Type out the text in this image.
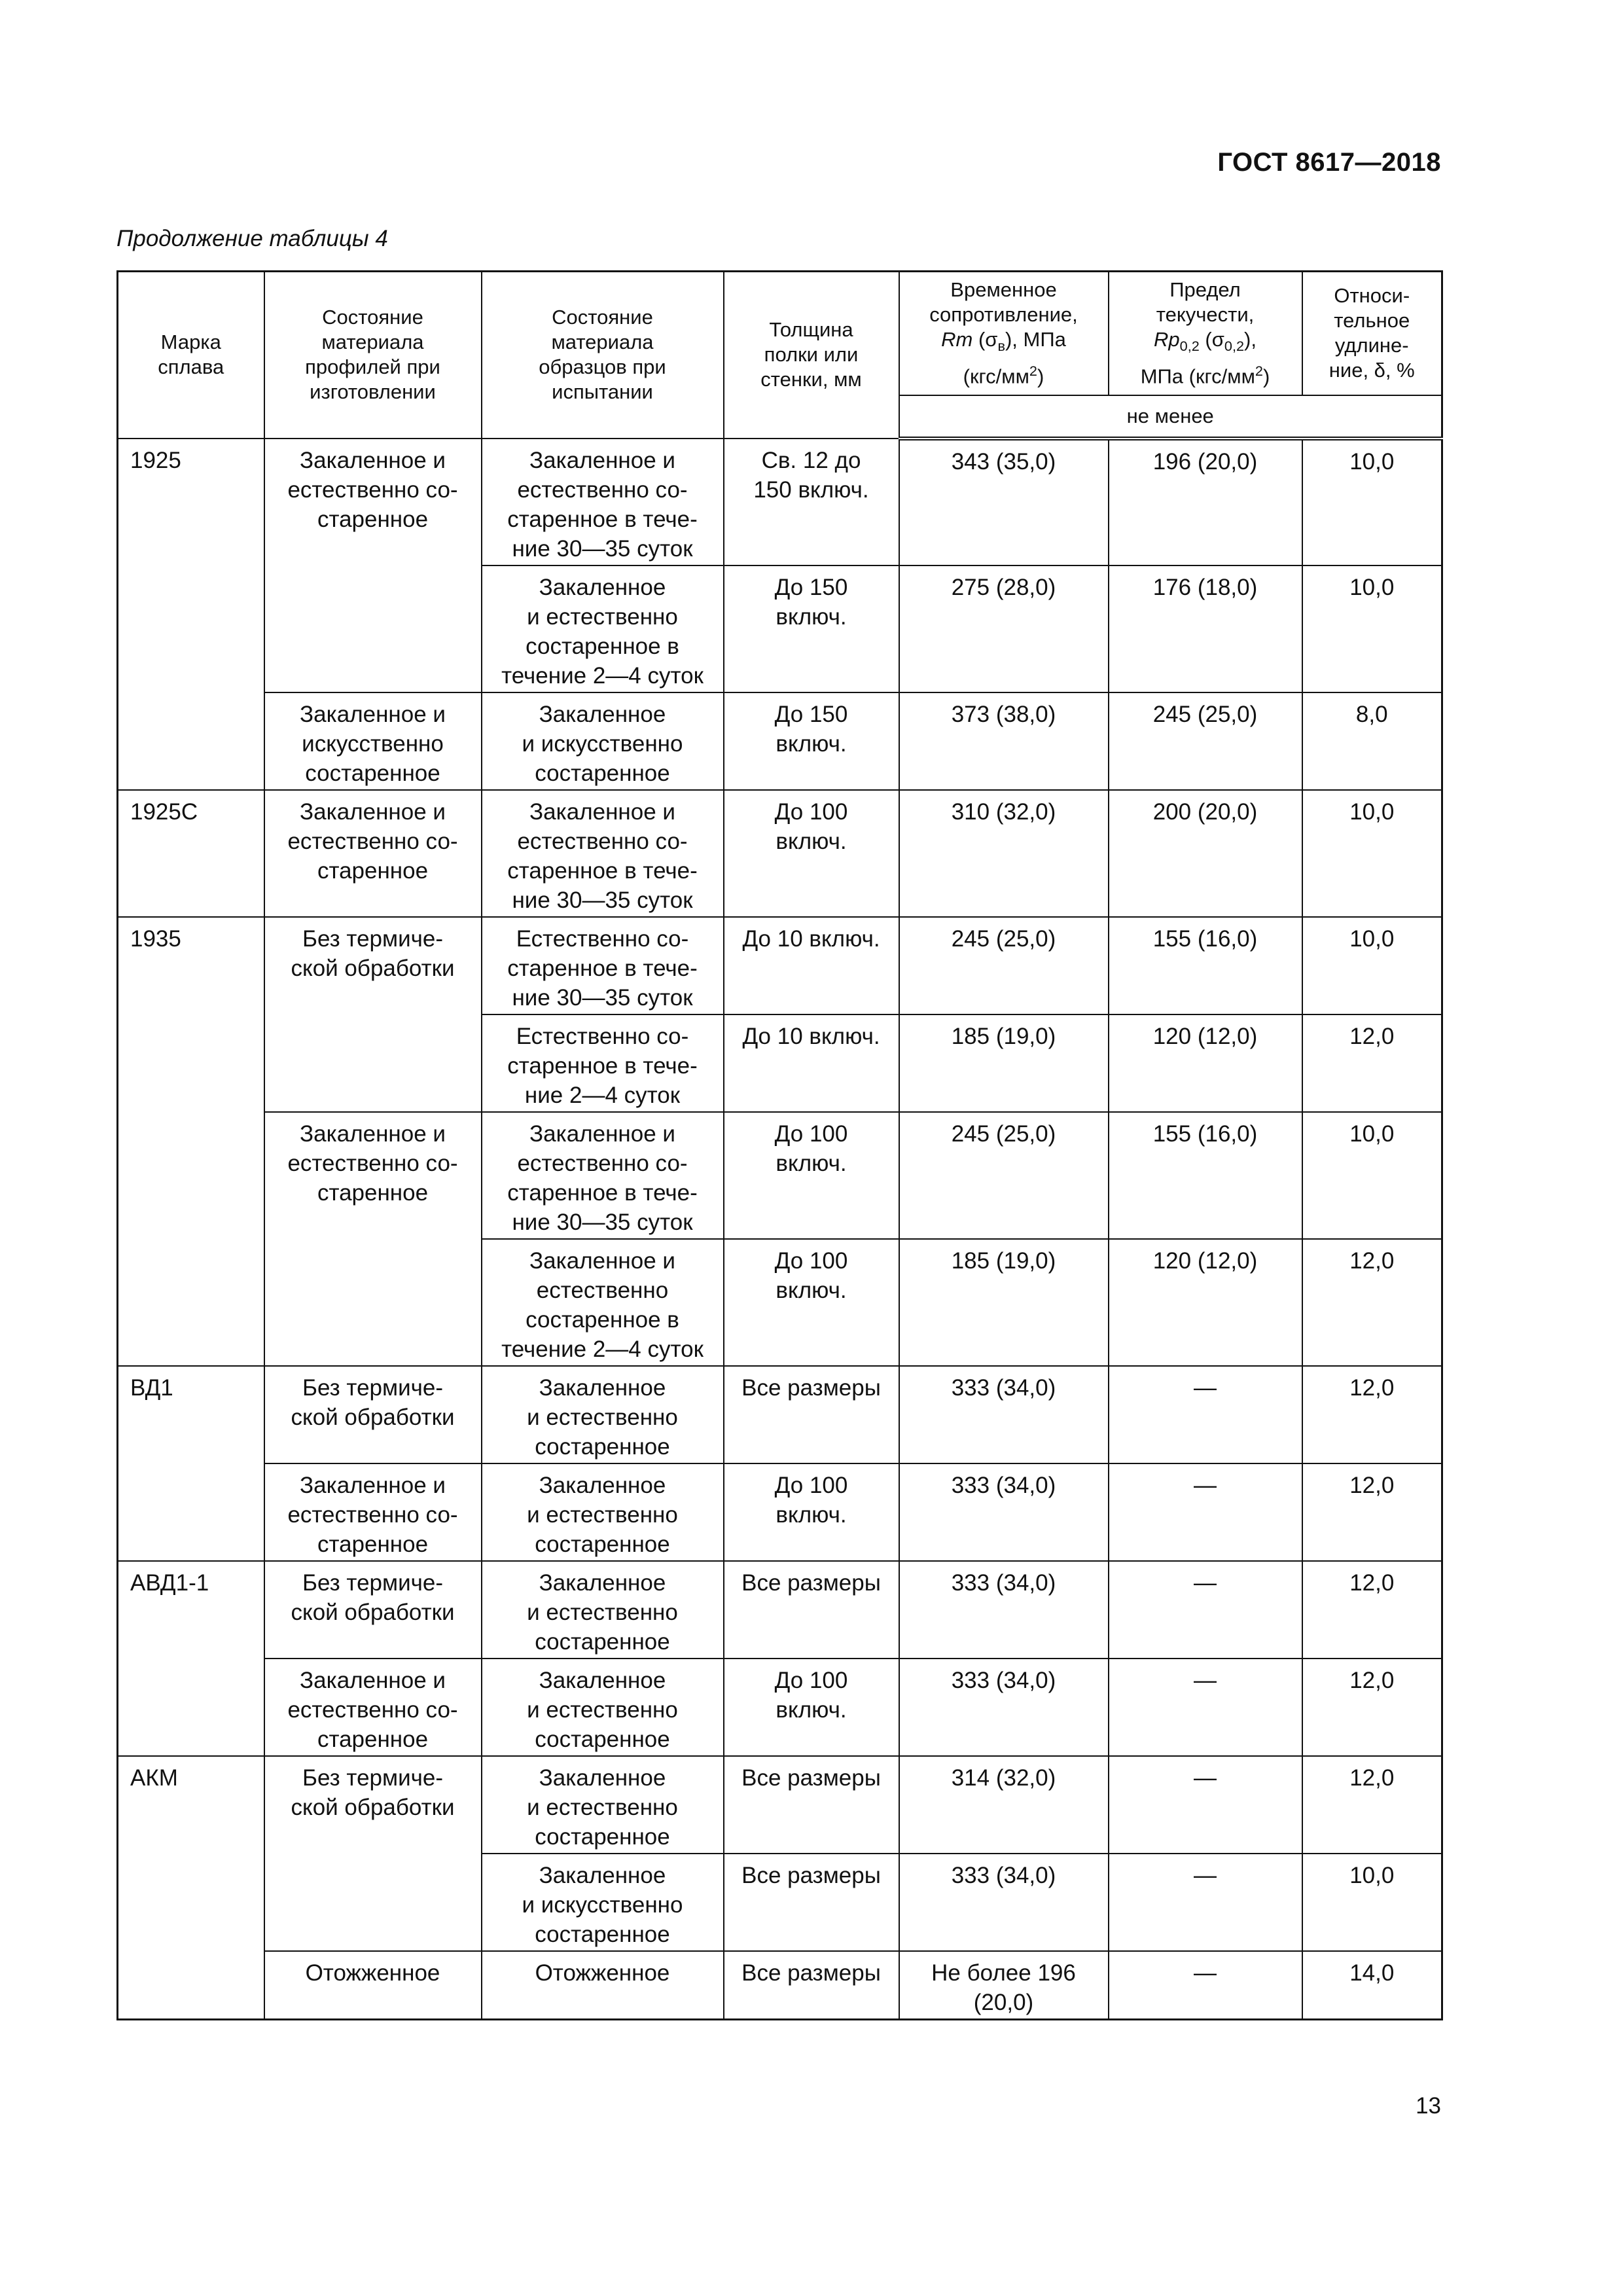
ГОСТ 8617—2018
Продолжение таблицы 4
Марка
сплава	Состояние
материала
профилей при
изготовлении	Состояние
материала
образцов при
испытании	Толщина
полки или
стенки, мм	Временное
сопротивление,
Rm $(\sigma_в)$, МПа
$(кгс/мм^2)$	Предел
текучести,
$Rp_{0,2}$ $(\sigma_{0,2})$,
МПа $(кгс/мм^2)$	Относи-
тельное
удлине-
ние, δ, %
				не менее		
1925	Закаленное и
естественно со-
старенное	Закаленное и
естественно со-
старенное в тече-
ние 30—35 суток	Св. 12 до
150 включ.	343 (35,0)	196 (20,0)	10,0
		Закаленное
и естественно
состаренное в
течение 2—4 суток	До 150
включ.	275 (28,0)	176 (18,0)	10,0
	Закаленное и
искусственно
состаренное	Закаленное
и искусственно
состаренное	До 150
включ.	373 (38,0)	245 (25,0)	8,0
1925С	Закаленное и
естественно со-
старенное	Закаленное и
естественно со-
старенное в тече-
ние 30—35 суток	До 100
включ.	310 (32,0)	200 (20,0)	10,0
1935	Без термиче-
ской обработки	Естественно со-
старенное в тече-
ние 30—35 суток	До 10 включ.	245 (25,0)	155 (16,0)	10,0
		Естественно со-
старенное в тече-
ние 2—4 суток	До 10 включ.	185 (19,0)	120 (12,0)	12,0
	Закаленное и
естественно со-
старенное	Закаленное и
естественно со-
старенное в тече-
ние 30—35 суток	До 100
включ.	245 (25,0)	155 (16,0)	10,0
		Закаленное и
естественно
состаренное в
течение 2—4 суток	До 100
включ.	185 (19,0)	120 (12,0)	12,0
ВД1	Без термиче-
ской обработки	Закаленное
и естественно
состаренное	Все размеры	333 (34,0)	—	12,0
	Закаленное и
естественно со-
старенное	Закаленное
и естественно
состаренное	До 100
включ.	333 (34,0)	—	12,0
АВД1-1	Без термиче-
ской обработки	Закаленное
и естественно
состаренное	Все размеры	333 (34,0)	—	12,0
	Закаленное и
естественно со-
старенное	Закаленное
и естественно
состаренное	До 100
включ.	333 (34,0)	—	12,0
АКМ	Без термиче-
ской обработки	Закаленное
и естественно
состаренное	Все размеры	314 (32,0)	—	12,0
		Закаленное
и искусственно
состаренное	Все размеры	333 (34,0)	—	10,0
	Отожженное	Отожженное	Все размеры	Не более 196
(20,0)	—	14,0
13
